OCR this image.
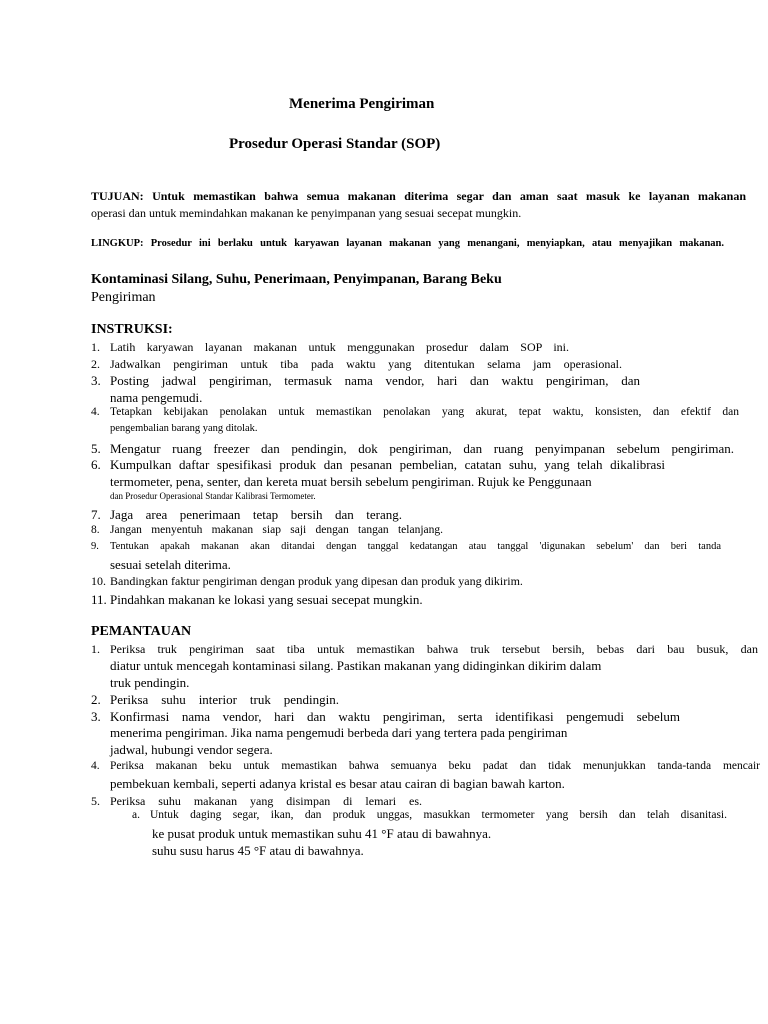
Menerima Pengiriman
Prosedur Operasi Standar (SOP)
TUJUAN: Untuk memastikan bahwa semua makanan diterima segar dan aman saat masuk ke layanan makanan
operasi dan untuk memindahkan makanan ke penyimpanan yang sesuai secepat mungkin.
LINGKUP: Prosedur ini berlaku untuk karyawan layanan makanan yang menangani, menyiapkan, atau menyajikan makanan.
Kontaminasi Silang, Suhu, Penerimaan, Penyimpanan, Barang Beku
Pengiriman
INSTRUKSI:
1. Latih karyawan layanan makanan untuk menggunakan prosedur dalam SOP ini.
2. Jadwalkan pengiriman untuk tiba pada waktu yang ditentukan selama jam operasional.
3. Posting jadwal pengiriman, termasuk nama vendor, hari dan waktu pengiriman, dan
nama pengemudi.
4. Tetapkan kebijakan penolakan untuk memastikan penolakan yang akurat, tepat waktu, konsisten, dan efektif dan
pengembalian barang yang ditolak.
5. Mengatur ruang freezer dan pendingin, dok pengiriman, dan ruang penyimpanan sebelum pengiriman.
6. Kumpulkan daftar spesifikasi produk dan pesanan pembelian, catatan suhu, yang telah dikalibrasi
termometer, pena, senter, dan kereta muat bersih sebelum pengiriman. Rujuk ke Penggunaan
dan Prosedur Operasional Standar Kalibrasi Termometer.
7. Jaga area penerimaan tetap bersih dan terang.
8. Jangan menyentuh makanan siap saji dengan tangan telanjang.
9. Tentukan apakah makanan akan ditandai dengan tanggal kedatangan atau tanggal 'digunakan sebelum' dan beri tanda
sesuai setelah diterima.
10. Bandingkan faktur pengiriman dengan produk yang dipesan dan produk yang dikirim.
11. Pindahkan makanan ke lokasi yang sesuai secepat mungkin.
PEMANTAUAN
1. Periksa truk pengiriman saat tiba untuk memastikan bahwa truk tersebut bersih, bebas dari bau busuk, dan
diatur untuk mencegah kontaminasi silang. Pastikan makanan yang didinginkan dikirim dalam
truk pendingin.
2. Periksa suhu interior truk pendingin.
3. Konfirmasi nama vendor, hari dan waktu pengiriman, serta identifikasi pengemudi sebelum
menerima pengiriman. Jika nama pengemudi berbeda dari yang tertera pada pengiriman
jadwal, hubungi vendor segera.
4. Periksa makanan beku untuk memastikan bahwa semuanya beku padat dan tidak menunjukkan tanda-tanda mencair
pembekuan kembali, seperti adanya kristal es besar atau cairan di bagian bawah karton.
5. Periksa suhu makanan yang disimpan di lemari es.
a. Untuk daging segar, ikan, dan produk unggas, masukkan termometer yang bersih dan telah disanitasi.
ke pusat produk untuk memastikan suhu 41 °F atau di bawahnya.
suhu susu harus 45 °F atau di bawahnya.
